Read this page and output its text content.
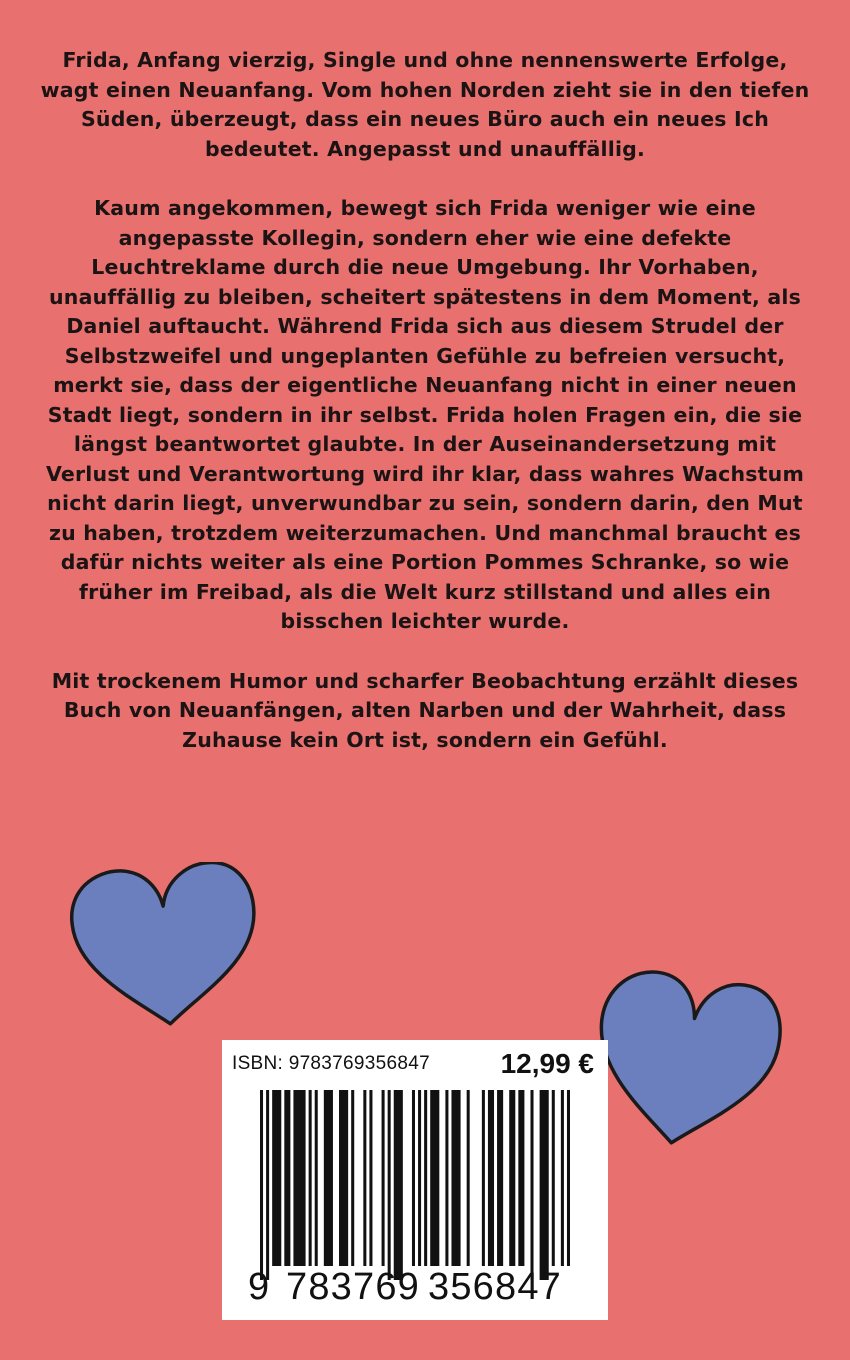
Frida, Anfang vierzig, Single und ohne nennenswerte Erfolge, wagt einen Neuanfang. Vom hohen Norden zieht sie in den tiefen Süden, überzeugt, dass ein neues Büro auch ein neues Ich bedeutet. Angepasst und unauffällig.

Kaum angekommen, bewegt sich Frida weniger wie eine angepasste Kollegin, sondern eher wie eine defekte Leuchtreklame durch die neue Umgebung. Ihr Vorhaben, unauffällig zu bleiben, scheitert spätestens in dem Moment, als Daniel auftaucht. Während Frida sich aus diesem Strudel der Selbstzweifel und ungeplanten Gefühle zu befreien versucht, merkt sie, dass der eigentliche Neuanfang nicht in einer neuen Stadt liegt, sondern in ihr selbst. Frida holen Fragen ein, die sie längst beantwortet glaubte. In der Auseinandersetzung mit Verlust und Verantwortung wird ihr klar, dass wahres Wachstum nicht darin liegt, unverwundbar zu sein, sondern darin, den Mut zu haben, trotzdem weiterzumachen. Und manchmal braucht es dafür nichts weiter als eine Portion Pommes Schranke, so wie früher im Freibad, als die Welt kurz stillstand und alles ein bisschen leichter wurde.

Mit trockenem Humor und scharfer Beobachtung erzählt dieses Buch von Neuanfängen, alten Narben und der Wahrheit, dass Zuhause kein Ort ist, sondern ein Gefühl.

ISBN: 9783769356847	12,99 €
9 783769 356847
